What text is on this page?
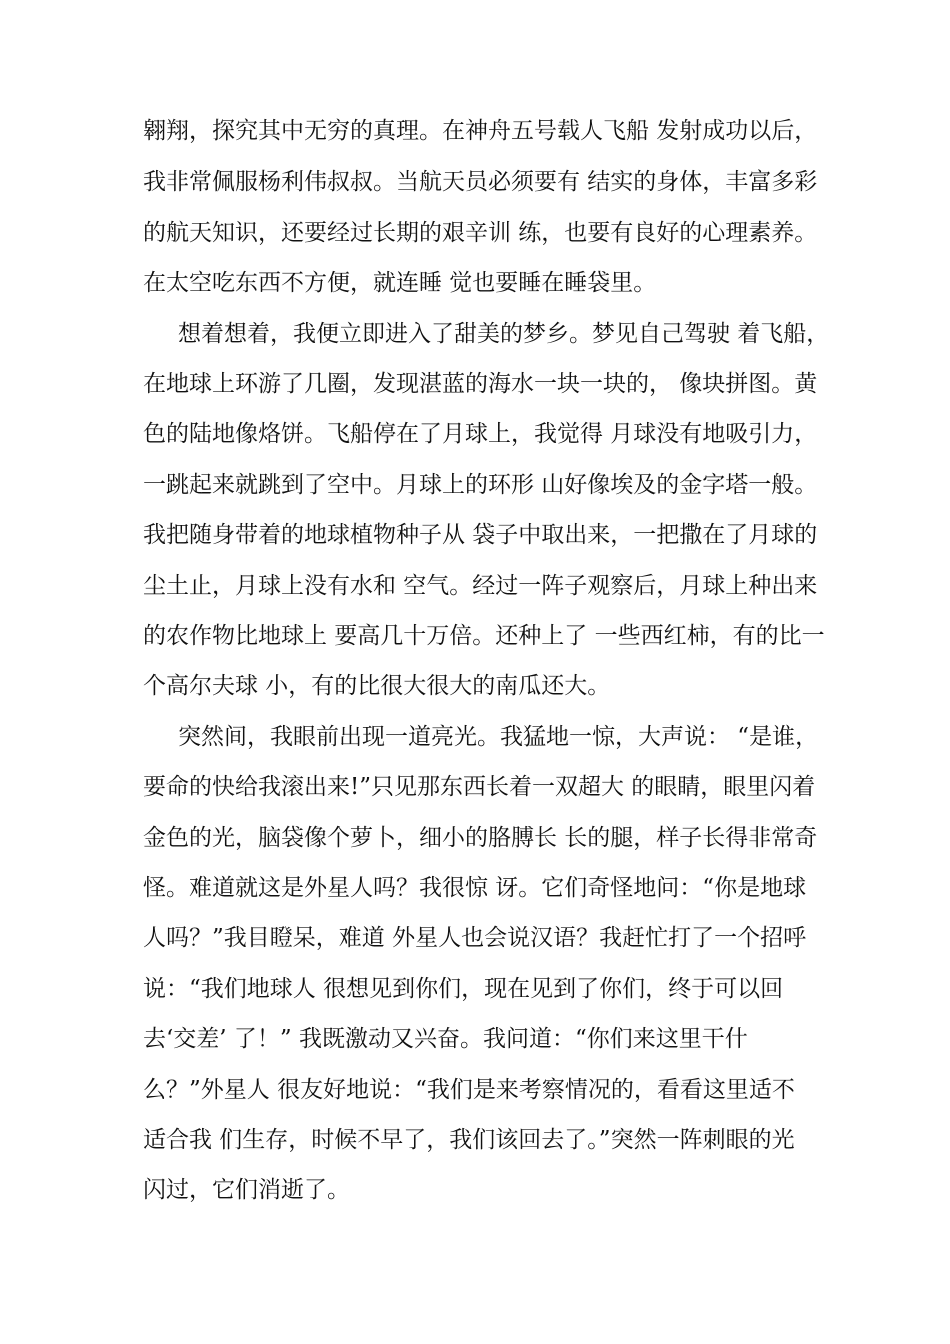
翱翔，探究其中无穷的真理。在神舟五号载人飞船 发射成功以后，
我非常佩服杨利伟叔叔。当航天员必须要有 结实的身体，丰富多彩
的航天知识，还要经过长期的艰辛训 练，也要有良好的心理素养。
在太空吃东西不方便，就连睡 觉也要睡在睡袋里。
想着想着，我便立即进入了甜美的梦乡。梦见自己驾驶 着飞船，
在地球上环游了几圈，发现湛蓝的海水一块一块的， 像块拼图。黄
色的陆地像烙饼。飞船停在了月球上，我觉得 月球没有地吸引力，
一跳起来就跳到了空中。月球上的环形 山好像埃及的金字塔一般。
我把随身带着的地球植物种子从 袋子中取出来，一把撒在了月球的
尘土止，月球上没有水和 空气。经过一阵子观察后，月球上种出来
的农作物比地球上 要高几十万倍。还种上了 一些西红柿，有的比一
个高尔夫球 小，有的比很大很大的南瓜还大。
突然间，我眼前出现一道亮光。我猛地一惊，大声说： “是谁，
要命的快给我滚出来!”只见那东西长着一双超大 的眼睛，眼里闪着
金色的光，脑袋像个萝卜，细小的胳膊长 长的腿，样子长得非常奇
怪。难道就这是外星人吗？我很惊 讶。它们奇怪地问：“你是地球
人吗？”我目瞪呆，难道 外星人也会说汉语？我赶忙打了一个招呼
说：“我们地球人 很想见到你们，现在见到了你们，终于可以回
去‘交差’ 了！” 我既激动又兴奋。我问道：“你们来这里干什
么？”外星人 很友好地说：“我们是来考察情况的，看看这里适不
适合我 们生存，时候不早了，我们该回去了。”突然一阵刺眼的光
闪过，它们消逝了。
